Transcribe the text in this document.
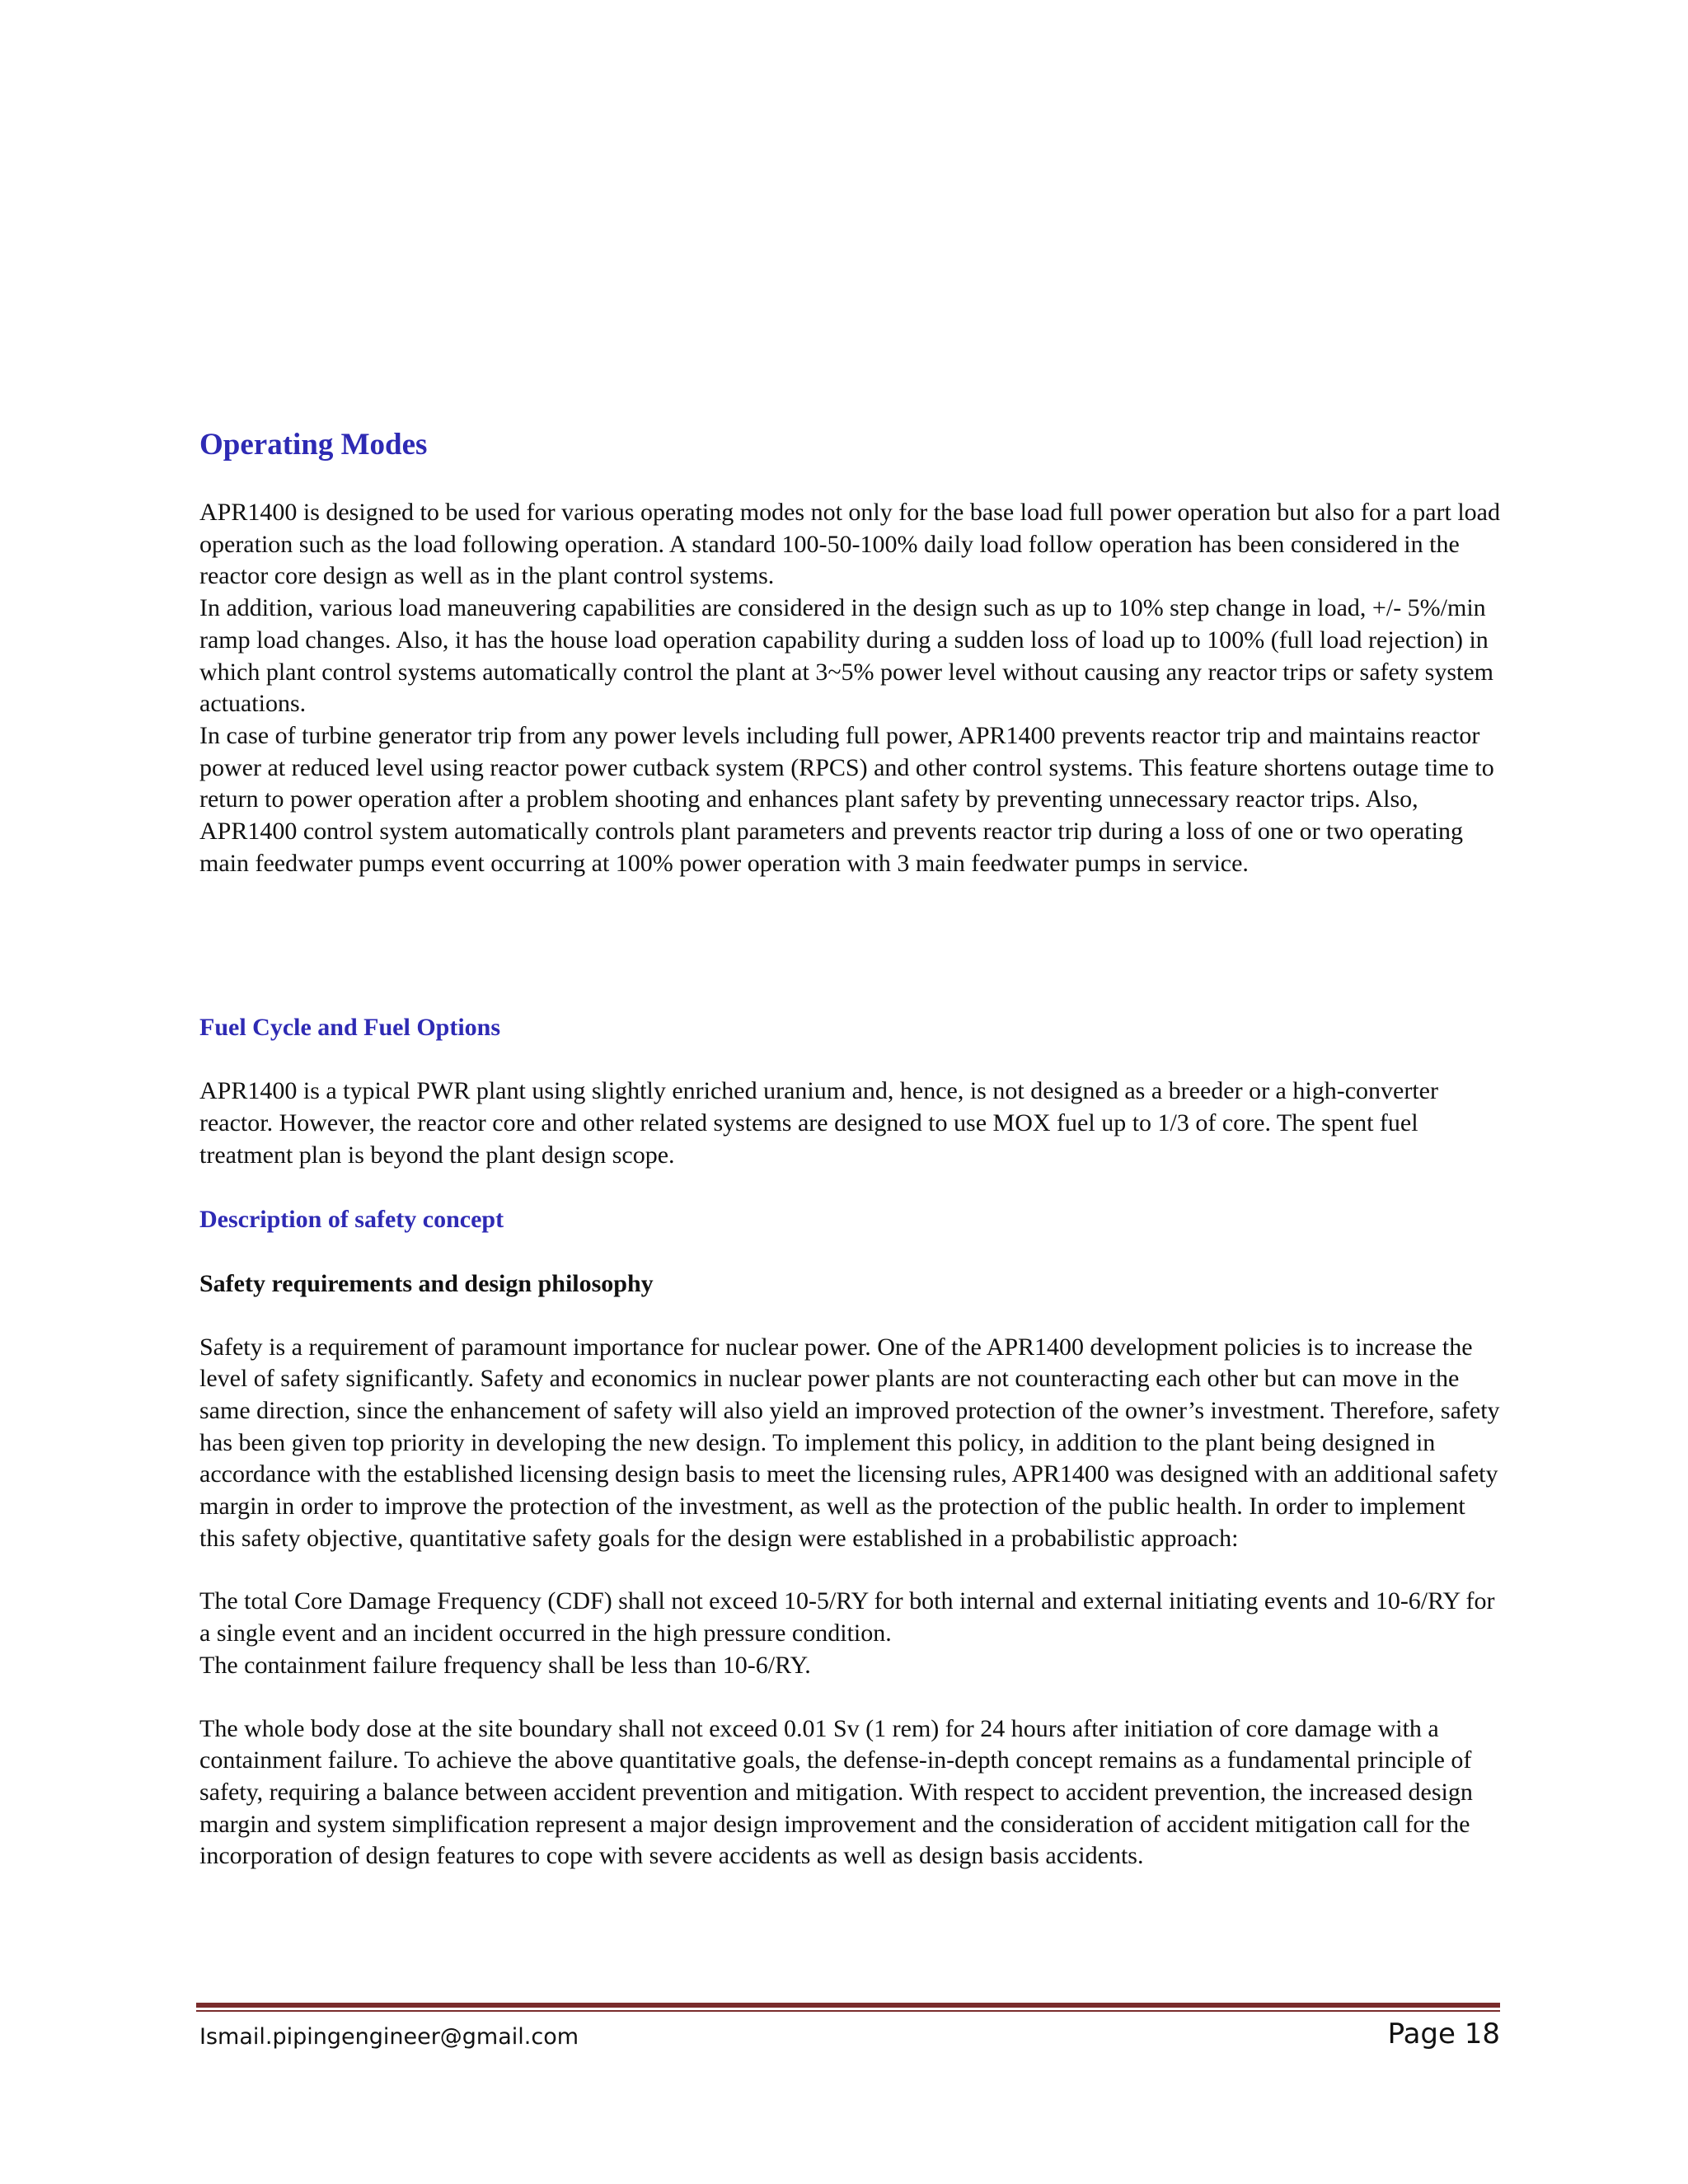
Operating Modes

APR1400 is designed to be used for various operating modes not only for the base load full power operation but also for a part load operation such as the load following operation. A standard 100-50-100% daily load follow operation has been considered in the reactor core design as well as in the plant control systems.

In addition, various load maneuvering capabilities are considered in the design such as up to 10% step change in load, +/- 5%/min ramp load changes. Also, it has the house load operation capability during a sudden loss of load up to 100% (full load rejection) in which plant control systems automatically control the plant at 3~5% power level without causing any reactor trips or safety system actuations.

In case of turbine generator trip from any power levels including full power, APR1400 prevents reactor trip and maintains reactor power at reduced level using reactor power cutback system (RPCS) and other control systems. This feature shortens outage time to return to power operation after a problem shooting and enhances plant safety by preventing unnecessary reactor trips. Also, APR1400 control system automatically controls plant parameters and prevents reactor trip during a loss of one or two operating main feedwater pumps event occurring at 100% power operation with 3 main feedwater pumps in service.

Fuel Cycle and Fuel Options

APR1400 is a typical PWR plant using slightly enriched uranium and, hence, is not designed as a breeder or a high-converter reactor. However, the reactor core and other related systems are designed to use MOX fuel up to 1/3 of core. The spent fuel treatment plan is beyond the plant design scope.

Description of safety concept
Safety requirements and design philosophy

Safety is a requirement of paramount importance for nuclear power. One of the APR1400 development policies is to increase the level of safety significantly. Safety and economics in nuclear power plants are not counteracting each other but can move in the same direction, since the enhancement of safety will also yield an improved protection of the owner’s investment. Therefore, safety has been given top priority in developing the new design. To implement this policy, in addition to the plant being designed in accordance with the established licensing design basis to meet the licensing rules, APR1400 was designed with an additional safety margin in order to improve the protection of the investment, as well as the protection of the public health. In order to implement this safety objective, quantitative safety goals for the design were established in a probabilistic approach:

The total Core Damage Frequency (CDF) shall not exceed 10-5/RY for both internal and external initiating events and 10-6/RY for a single event and an incident occurred in the high pressure condition.

The containment failure frequency shall be less than 10-6/RY.

The whole body dose at the site boundary shall not exceed 0.01 Sv (1 rem) for 24 hours after initiation of core damage with a containment failure. To achieve the above quantitative goals, the defense-in-depth concept remains as a fundamental principle of safety, requiring a balance between accident prevention and mitigation. With respect to accident prevention, the increased design margin and system simplification represent a major design improvement and the consideration of accident mitigation call for the incorporation of design features to cope with severe accidents as well as design basis accidents.

Ismail.pipingengineer@gmail.com	Page 18
